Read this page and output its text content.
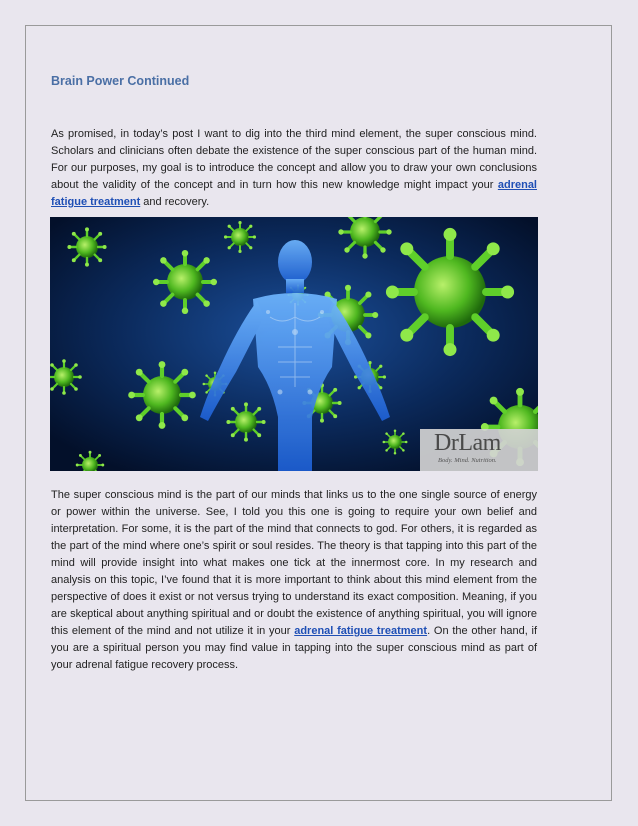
Brain Power Continued
As promised, in today’s post I want to dig into the third mind element, the super conscious mind. Scholars and clinicians often debate the existence of the super conscious part of the human mind. For our purposes, my goal is to introduce the concept and allow you to draw your own conclusions about the validity of the concept and in turn how this new knowledge might impact your adrenal fatigue treatment and recovery.
DrLam
Body. Mind. Nutrition.
The super conscious mind is the part of our minds that links us to the one single source of energy or power within the universe. See, I told you this one is going to require your own belief and interpretation. For some, it is the part of the mind that connects to god. For others, it is regarded as the part of the mind where one’s spirit or soul resides. The theory is that tapping into this part of the mind will provide insight into what makes one tick at the innermost core. In my research and analysis on this topic, I’ve found that it is more important to think about this mind element from the perspective of does it exist or not versus trying to understand its exact composition. Meaning, if you are skeptical about anything spiritual and or doubt the existence of anything spiritual, you will ignore this element of the mind and not utilize it in your adrenal fatigue treatment. On the other hand, if you are a spiritual person you may find value in tapping into the super conscious mind as part of your adrenal fatigue recovery process.
